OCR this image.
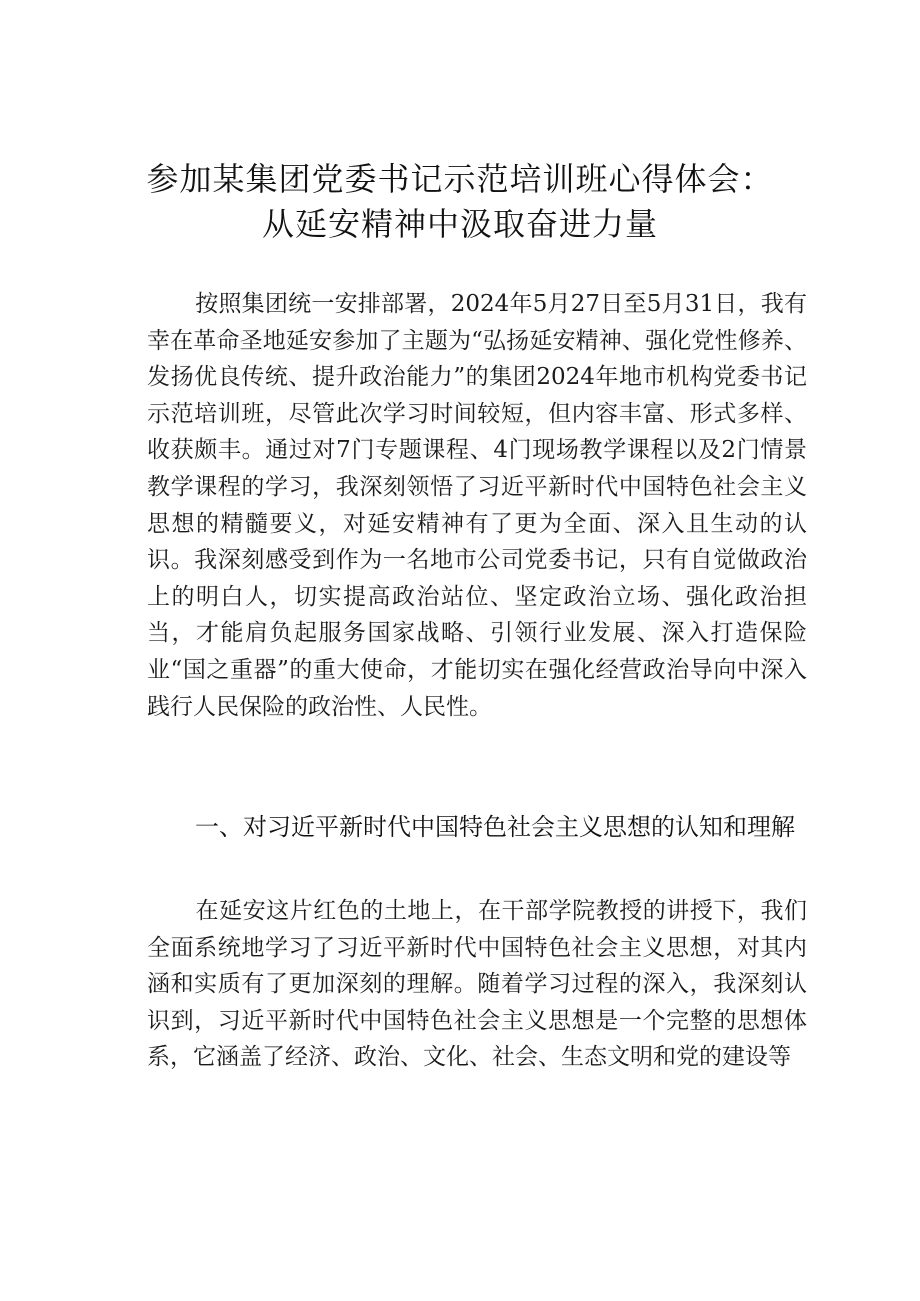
参加某集团党委书记示范培训班心得体会：
从延安精神中汲取奋进力量

按照集团统一安排部署，2024年5月27日至5月31日，我有幸在革命圣地延安参加了主题为“弘扬延安精神、强化党性修养、发扬优良传统、提升政治能力”的集团2024年地市机构党委书记示范培训班，尽管此次学习时间较短，但内容丰富、形式多样、收获颇丰。通过对7门专题课程、4门现场教学课程以及2门情景教学课程的学习，我深刻领悟了习近平新时代中国特色社会主义思想的精髓要义，对延安精神有了更为全面、深入且生动的认识。我深刻感受到作为一名地市公司党委书记，只有自觉做政治上的明白人，切实提高政治站位、坚定政治立场、强化政治担当，才能肩负起服务国家战略、引领行业发展、深入打造保险业“国之重器”的重大使命，才能切实在强化经营政治导向中深入践行人民保险的政治性、人民性。

一、对习近平新时代中国特色社会主义思想的认知和理解

在延安这片红色的土地上，在干部学院教授的讲授下，我们全面系统地学习了习近平新时代中国特色社会主义思想，对其内涵和实质有了更加深刻的理解。随着学习过程的深入，我深刻认识到，习近平新时代中国特色社会主义思想是一个完整的思想体系，它涵盖了经济、政治、文化、社会、生态文明和党的建设等
